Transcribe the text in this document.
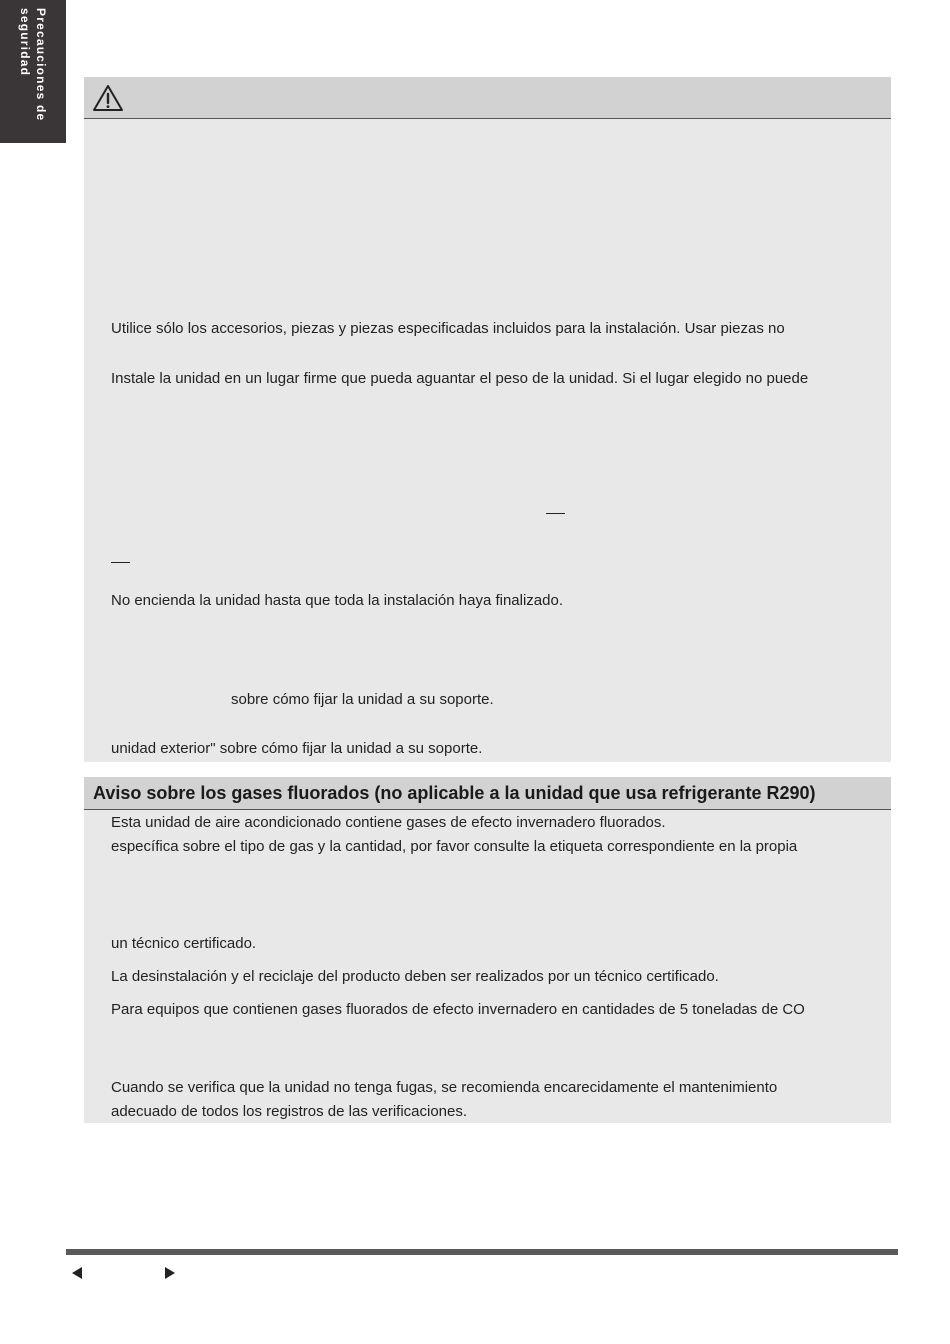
Precauciones de
seguridad
Utilice sólo los accesorios, piezas y piezas especificadas incluidos para la instalación. Usar piezas no
Instale la unidad en un lugar firme que pueda aguantar el peso de la unidad. Si el lugar elegido no puede
No encienda la unidad hasta que toda la instalación haya finalizado.
sobre cómo fijar la unidad a su soporte.
unidad exterior" sobre cómo fijar la unidad a su soporte.
Aviso sobre los gases fluorados (no aplicable a la unidad que usa refrigerante R290)
Esta unidad de aire acondicionado contiene gases de efecto invernadero fluorados.
específica sobre el tipo de gas y la cantidad, por favor consulte la etiqueta correspondiente en la propia
un técnico certificado.
La desinstalación y el reciclaje del producto deben ser realizados por un técnico certificado.
Para equipos que contienen gases fluorados de efecto invernadero en cantidades de 5 toneladas de CO
Cuando se verifica que la unidad no tenga fugas, se recomienda encarecidamente el mantenimiento
adecuado de todos los registros de las verificaciones.
